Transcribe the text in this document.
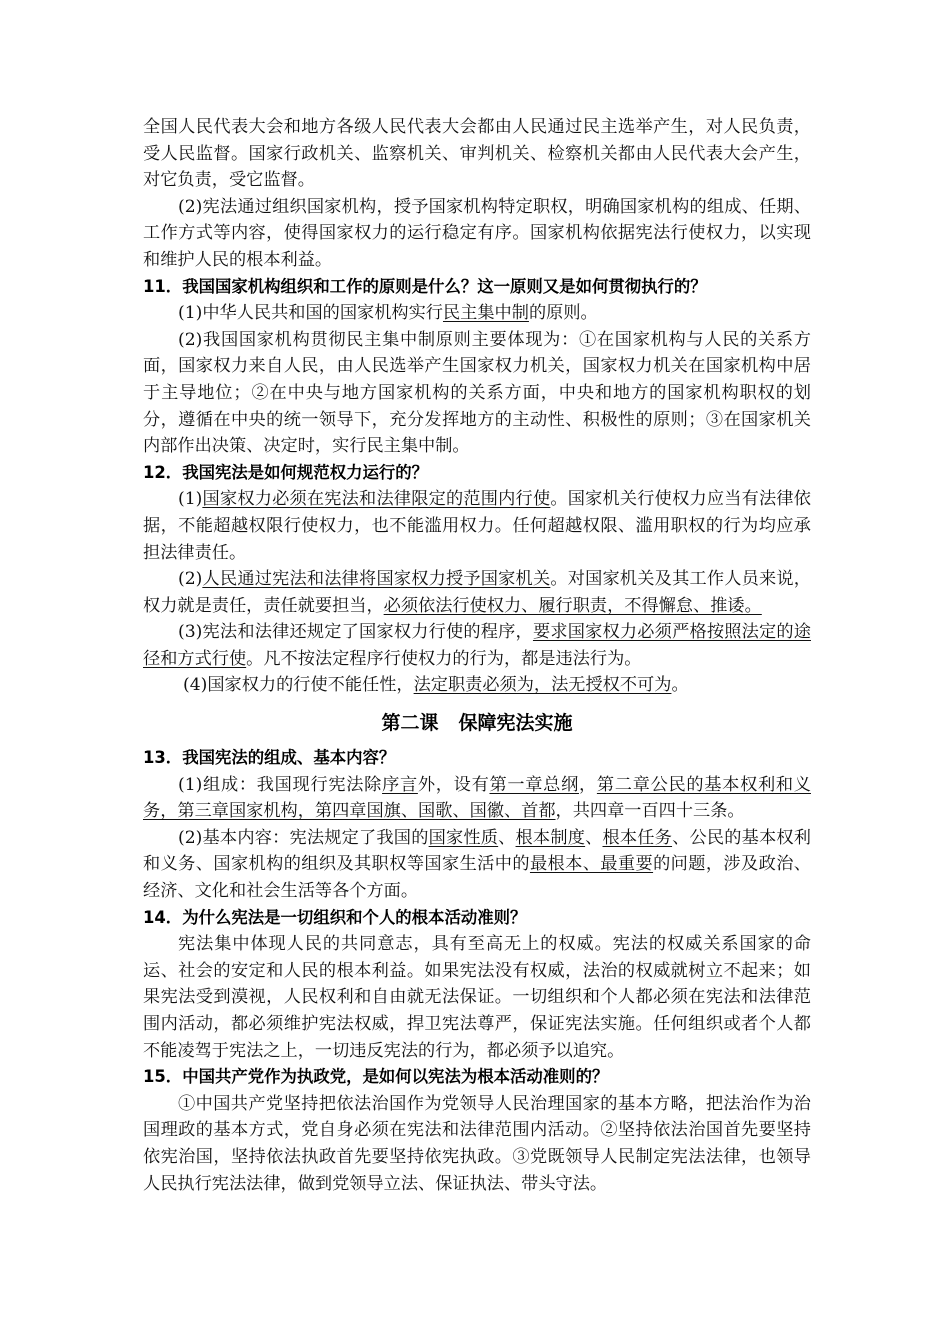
全国人民代表大会和地方各级人民代表大会都由人民通过民主选举产生，对人民负责，受人民监督。国家行政机关、监察机关、审判机关、检察机关都由人民代表大会产生，对它负责，受它监督。

(2)宪法通过组织国家机构，授予国家机构特定职权，明确国家机构的组成、任期、工作方式等内容，使得国家权力的运行稳定有序。国家机构依据宪法行使权力，以实现和维护人民的根本利益。

11．我国国家机构组织和工作的原则是什么？这一原则又是如何贯彻执行的？

(1)中华人民共和国的国家机构实行民主集中制的原则。

(2)我国国家机构贯彻民主集中制原则主要体现为：①在国家机构与人民的关系方面，国家权力来自人民，由人民选举产生国家权力机关，国家权力机关在国家机构中居于主导地位；②在中央与地方国家机构的关系方面，中央和地方的国家机构职权的划分，遵循在中央的统一领导下，充分发挥地方的主动性、积极性的原则；③在国家机关内部作出决策、决定时，实行民主集中制。

12．我国宪法是如何规范权力运行的？

(1)国家权力必须在宪法和法律限定的范围内行使。国家机关行使权力应当有法律依据，不能超越权限行使权力，也不能滥用权力。任何超越权限、滥用职权的行为均应承担法律责任。

(2)人民通过宪法和法律将国家权力授予国家机关。对国家机关及其工作人员来说，权力就是责任，责任就要担当，必须依法行使权力、履行职责，不得懈怠、推诿。

(3)宪法和法律还规定了国家权力行使的程序，要求国家权力必须严格按照法定的途径和方式行使。凡不按法定程序行使权力的行为，都是违法行为。

(4)国家权力的行使不能任性，法定职责必须为，法无授权不可为。

第二课 保障宪法实施

13．我国宪法的组成、基本内容？

(1)组成：我国现行宪法除序言外，设有第一章总纲，第二章公民的基本权利和义务，第三章国家机构，第四章国旗、国歌、国徽、首都，共四章一百四十三条。

(2)基本内容：宪法规定了我国的国家性质、根本制度、根本任务、公民的基本权利和义务、国家机构的组织及其职权等国家生活中的最根本、最重要的问题，涉及政治、经济、文化和社会生活等各个方面。

14．为什么宪法是一切组织和个人的根本活动准则？

宪法集中体现人民的共同意志，具有至高无上的权威。宪法的权威关系国家的命运、社会的安定和人民的根本利益。如果宪法没有权威，法治的权威就树立不起来；如果宪法受到漠视，人民权利和自由就无法保证。一切组织和个人都必须在宪法和法律范围内活动，都必须维护宪法权威，捍卫宪法尊严，保证宪法实施。任何组织或者个人都不能凌驾于宪法之上，一切违反宪法的行为，都必须予以追究。

15．中国共产党作为执政党，是如何以宪法为根本活动准则的？

①中国共产党坚持把依法治国作为党领导人民治理国家的基本方略，把法治作为治国理政的基本方式，党自身必须在宪法和法律范围内活动。②坚持依法治国首先要坚持依宪治国，坚持依法执政首先要坚持依宪执政。③党既领导人民制定宪法法律，也领导人民执行宪法法律，做到党领导立法、保证执法、带头守法。
